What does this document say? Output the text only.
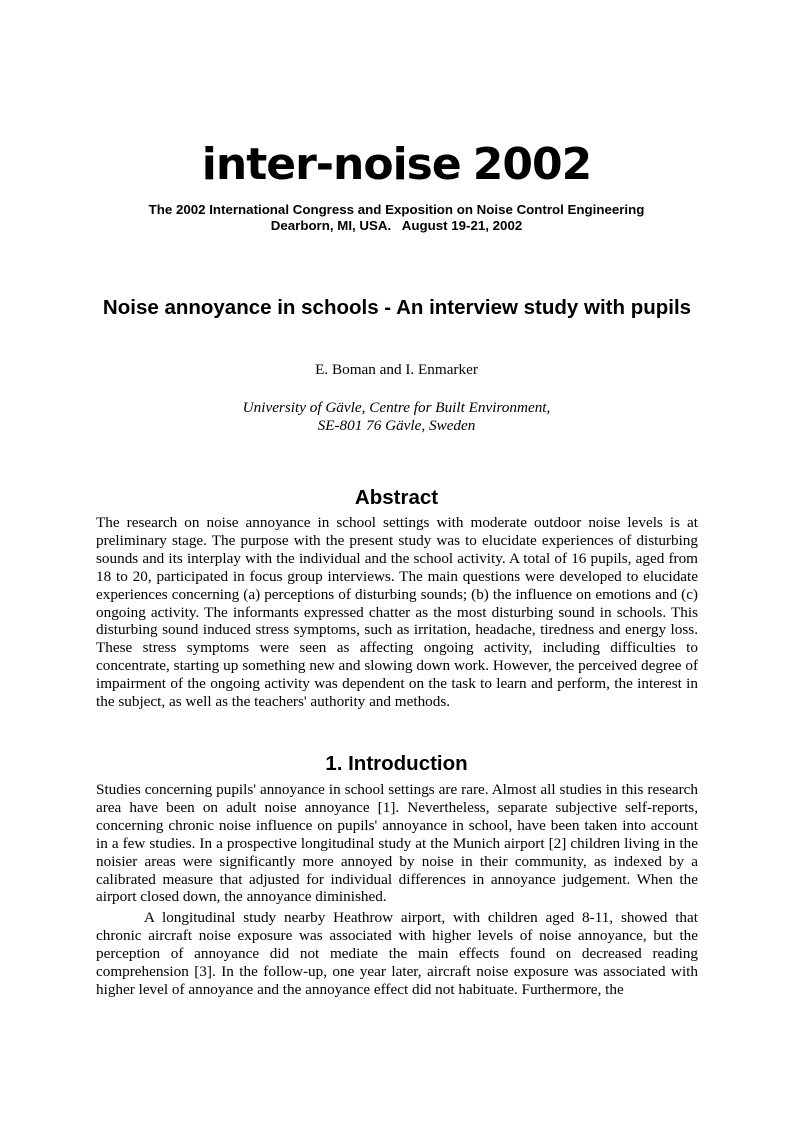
inter-noise 2002
The 2002 International Congress and Exposition on Noise Control Engineering
Dearborn, MI, USA.   August 19-21, 2002
Noise annoyance in schools - An interview study with pupils
E. Boman and I. Enmarker
University of Gävle, Centre for Built Environment,
SE-801 76 Gävle, Sweden
Abstract

The research on noise annoyance in school settings with moderate outdoor noise levels is at preliminary stage. The purpose with the present study was to elucidate experiences of disturbing sounds and its interplay with the individual and the school activity. A total of 16 pupils, aged from 18 to 20, participated in focus group interviews. The main questions were developed to elucidate experiences concerning (a) perceptions of disturbing sounds; (b) the influence on emotions and (c) ongoing activity. The informants expressed chatter as the most disturbing sound in schools. This disturbing sound induced stress symptoms, such as irritation, headache, tiredness and energy loss. These stress symptoms were seen as affecting ongoing activity, including difficulties to concentrate, starting up something new and slowing down work. However, the perceived degree of impairment of the ongoing activity was dependent on the task to learn and perform, the interest in the subject, as well as the teachers' authority and methods.

1. Introduction

Studies concerning pupils' annoyance in school settings are rare. Almost all studies in this research area have been on adult noise annoyance [1]. Nevertheless, separate subjective self-reports, concerning chronic noise influence on pupils' annoyance in school, have been taken into account in a few studies. In a prospective longitudinal study at the Munich airport [2] children living in the noisier areas were significantly more annoyed by noise in their community, as indexed by a calibrated measure that adjusted for individual differences in annoyance judgement. When the airport closed down, the annoyance diminished.

A longitudinal study nearby Heathrow airport, with children aged 8-11, showed that chronic aircraft noise exposure was associated with higher levels of noise annoyance, but the perception of annoyance did not mediate the main effects found on decreased reading comprehension [3]. In the follow-up, one year later, aircraft noise exposure was associated with higher level of annoyance and the annoyance effect did not habituate. Furthermore, the
